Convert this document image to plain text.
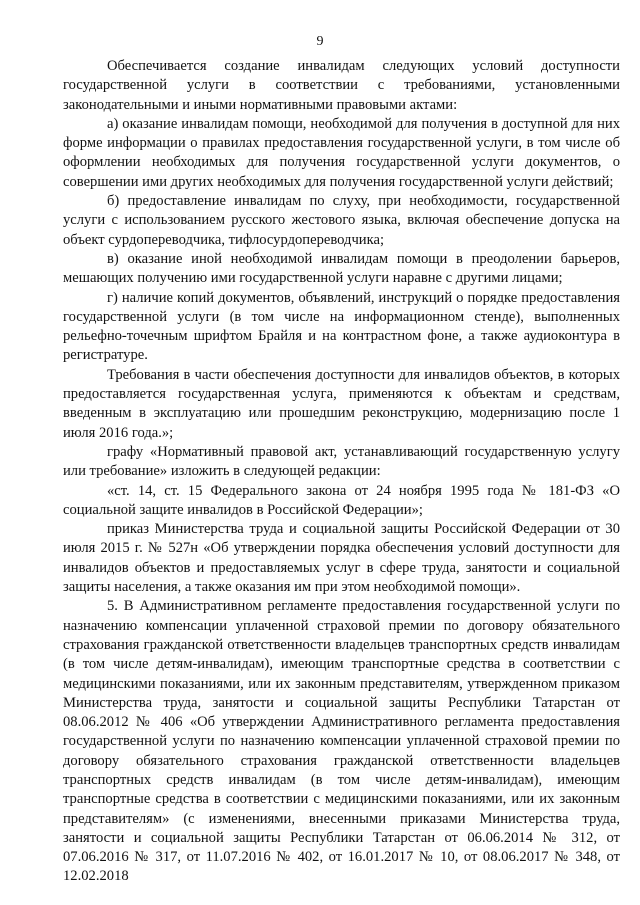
9

Обеспечивается создание инвалидам следующих условий доступности государственной услуги в соответствии с требованиями, установленными законодательными и иными нормативными правовыми актами:

а) оказание инвалидам помощи, необходимой для получения в доступной для них форме информации о правилах предоставления государственной услуги, в том числе об оформлении необходимых для получения государственной услуги документов, о совершении ими других необходимых для получения государственной услуги действий;

б) предоставление инвалидам по слуху, при необходимости, государственной услуги с использованием русского жестового языка, включая обеспечение допуска на объект сурдопереводчика, тифлосурдопереводчика;

в) оказание иной необходимой инвалидам помощи в преодолении барьеров, мешающих получению ими государственной услуги наравне с другими лицами;

г) наличие копий документов, объявлений, инструкций о порядке предоставления государственной услуги (в том числе на информационном стенде), выполненных рельефно-точечным шрифтом Брайля и на контрастном фоне, а также аудиоконтура в регистратуре.

Требования в части обеспечения доступности для инвалидов объектов, в которых предоставляется государственная услуга, применяются к объектам и средствам, введенным в эксплуатацию или прошедшим реконструкцию, модернизацию после 1 июля 2016 года.»;

графу «Нормативный правовой акт, устанавливающий государственную услугу или требование» изложить в следующей редакции:

«ст. 14, ст. 15 Федерального закона от 24 ноября 1995 года № 181-ФЗ «О социальной защите инвалидов в Российской Федерации»;

приказ Министерства труда и социальной защиты Российской Федерации от 30 июля 2015 г. № 527н «Об утверждении порядка обеспечения условий доступности для инвалидов объектов и предоставляемых услуг в сфере труда, занятости и социальной защиты населения, а также оказания им при этом необходимой помощи».

5. В Административном регламенте предоставления государственной услуги по назначению компенсации уплаченной страховой премии по договору обязательного страхования гражданской ответственности владельцев транспортных средств инвалидам (в том числе детям-инвалидам), имеющим транспортные средства в соответствии с медицинскими показаниями, или их законным представителям, утвержденном приказом Министерства труда, занятости и социальной защиты Республики Татарстан от 08.06.2012 № 406 «Об утверждении Административного регламента предоставления государственной услуги по назначению компенсации уплаченной страховой премии по договору обязательного страхования гражданской ответственности владельцев транспортных средств инвалидам (в том числе детям-инвалидам), имеющим транспортные средства в соответствии с медицинскими показаниями, или их законным представителям» (с изменениями, внесенными приказами Министерства труда, занятости и социальной защиты Республики Татарстан от 06.06.2014 № 312, от 07.06.2016 № 317, от 11.07.2016 № 402, от 16.01.2017 № 10, от 08.06.2017 № 348, от 12.02.2018
